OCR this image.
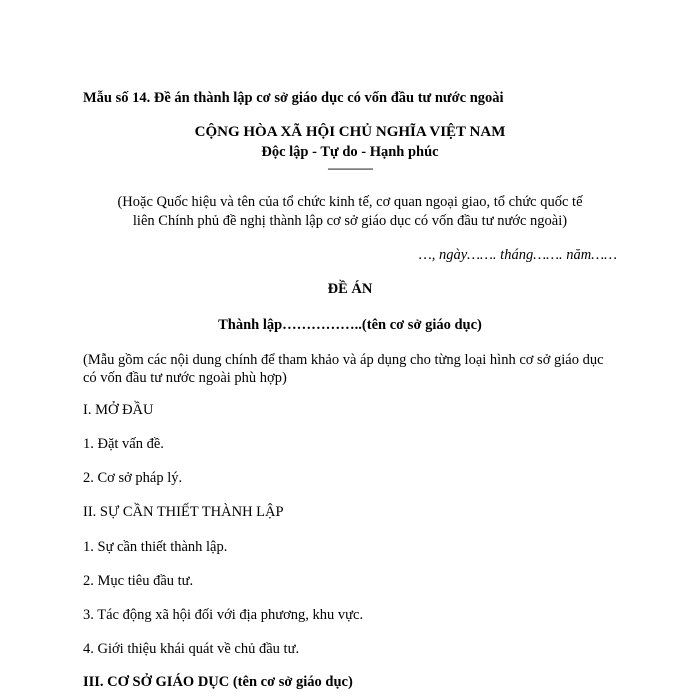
Mẫu số 14. Đề án thành lập cơ sở giáo dục có vốn đầu tư nước ngoài
CỘNG HÒA XÃ HỘI CHỦ NGHĨA VIỆT NAM
Độc lập - Tự do - Hạnh phúc
---------------
(Hoặc Quốc hiệu và tên của tổ chức kinh tế, cơ quan ngoại giao, tổ chức quốc tế
liên Chính phủ đề nghị thành lập cơ sở giáo dục có vốn đầu tư nước ngoài)
…, ngày……. tháng……. năm……
ĐỀ ÁN
Thành lập……………..(tên cơ sở giáo dục)
(Mẫu gồm các nội dung chính để tham khảo và áp dụng cho từng loại hình cơ sở giáo dục
có vốn đầu tư nước ngoài phù hợp)
I. MỞ ĐẦU
1. Đặt vấn đề.
2. Cơ sở pháp lý.
II. SỰ CẦN THIẾT THÀNH LẬP
1. Sự cần thiết thành lập.
2. Mục tiêu đầu tư.
3. Tác động xã hội đối với địa phương, khu vực.
4. Giới thiệu khái quát về chủ đầu tư.
III. CƠ SỞ GIÁO DỤC (tên cơ sở giáo dục)
